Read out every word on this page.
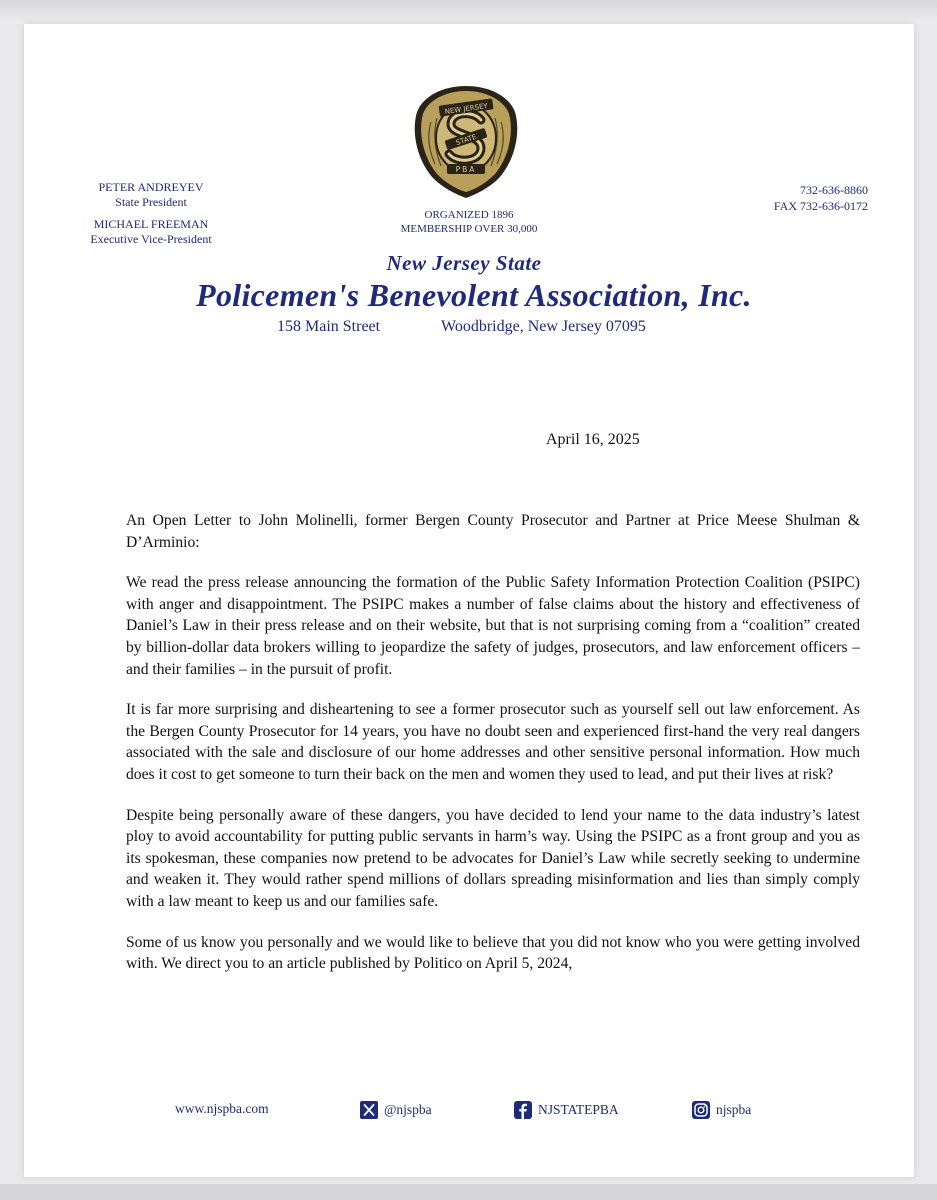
PETER ANDREYEV
State President
MICHAEL FREEMAN
Executive Vice-President
NEW JERSEY
STATE
PBA
732-636-8860
FAX 732-636-0172
ORGANIZED 1896
MEMBERSHIP OVER 30,000
New Jersey State
Policemen's Benevolent Association, Inc.
158 Main Street	Woodbridge, New Jersey 07095
April 16, 2025

An Open Letter to John Molinelli, former Bergen County Prosecutor and Partner at Price Meese Shulman & D’Arminio:

We read the press release announcing the formation of the Public Safety Information Protection Coalition (PSIPC) with anger and disappointment. The PSIPC makes a number of false claims about the history and effectiveness of Daniel’s Law in their press release and on their website, but that is not surprising coming from a “coalition” created by billion-dollar data brokers willing to jeopardize the safety of judges, prosecutors, and law enforcement officers – and their families – in the pursuit of profit.

It is far more surprising and disheartening to see a former prosecutor such as yourself sell out law enforcement. As the Bergen County Prosecutor for 14 years, you have no doubt seen and experienced first-hand the very real dangers associated with the sale and disclosure of our home addresses and other sensitive personal information. How much does it cost to get someone to turn their back on the men and women they used to lead, and put their lives at risk?

Despite being personally aware of these dangers, you have decided to lend your name to the data industry’s latest ploy to avoid accountability for putting public servants in harm’s way. Using the PSIPC as a front group and you as its spokesman, these companies now pretend to be advocates for Daniel’s Law while secretly seeking to undermine and weaken it. They would rather spend millions of dollars spreading misinformation and lies than simply comply with a law meant to keep us and our families safe.

Some of us know you personally and we would like to believe that you did not know who you were getting involved with. We direct you to an article published by Politico on April 5, 2024,

www.njspba.com	@njspba	NJSTATEPBA	njspba
